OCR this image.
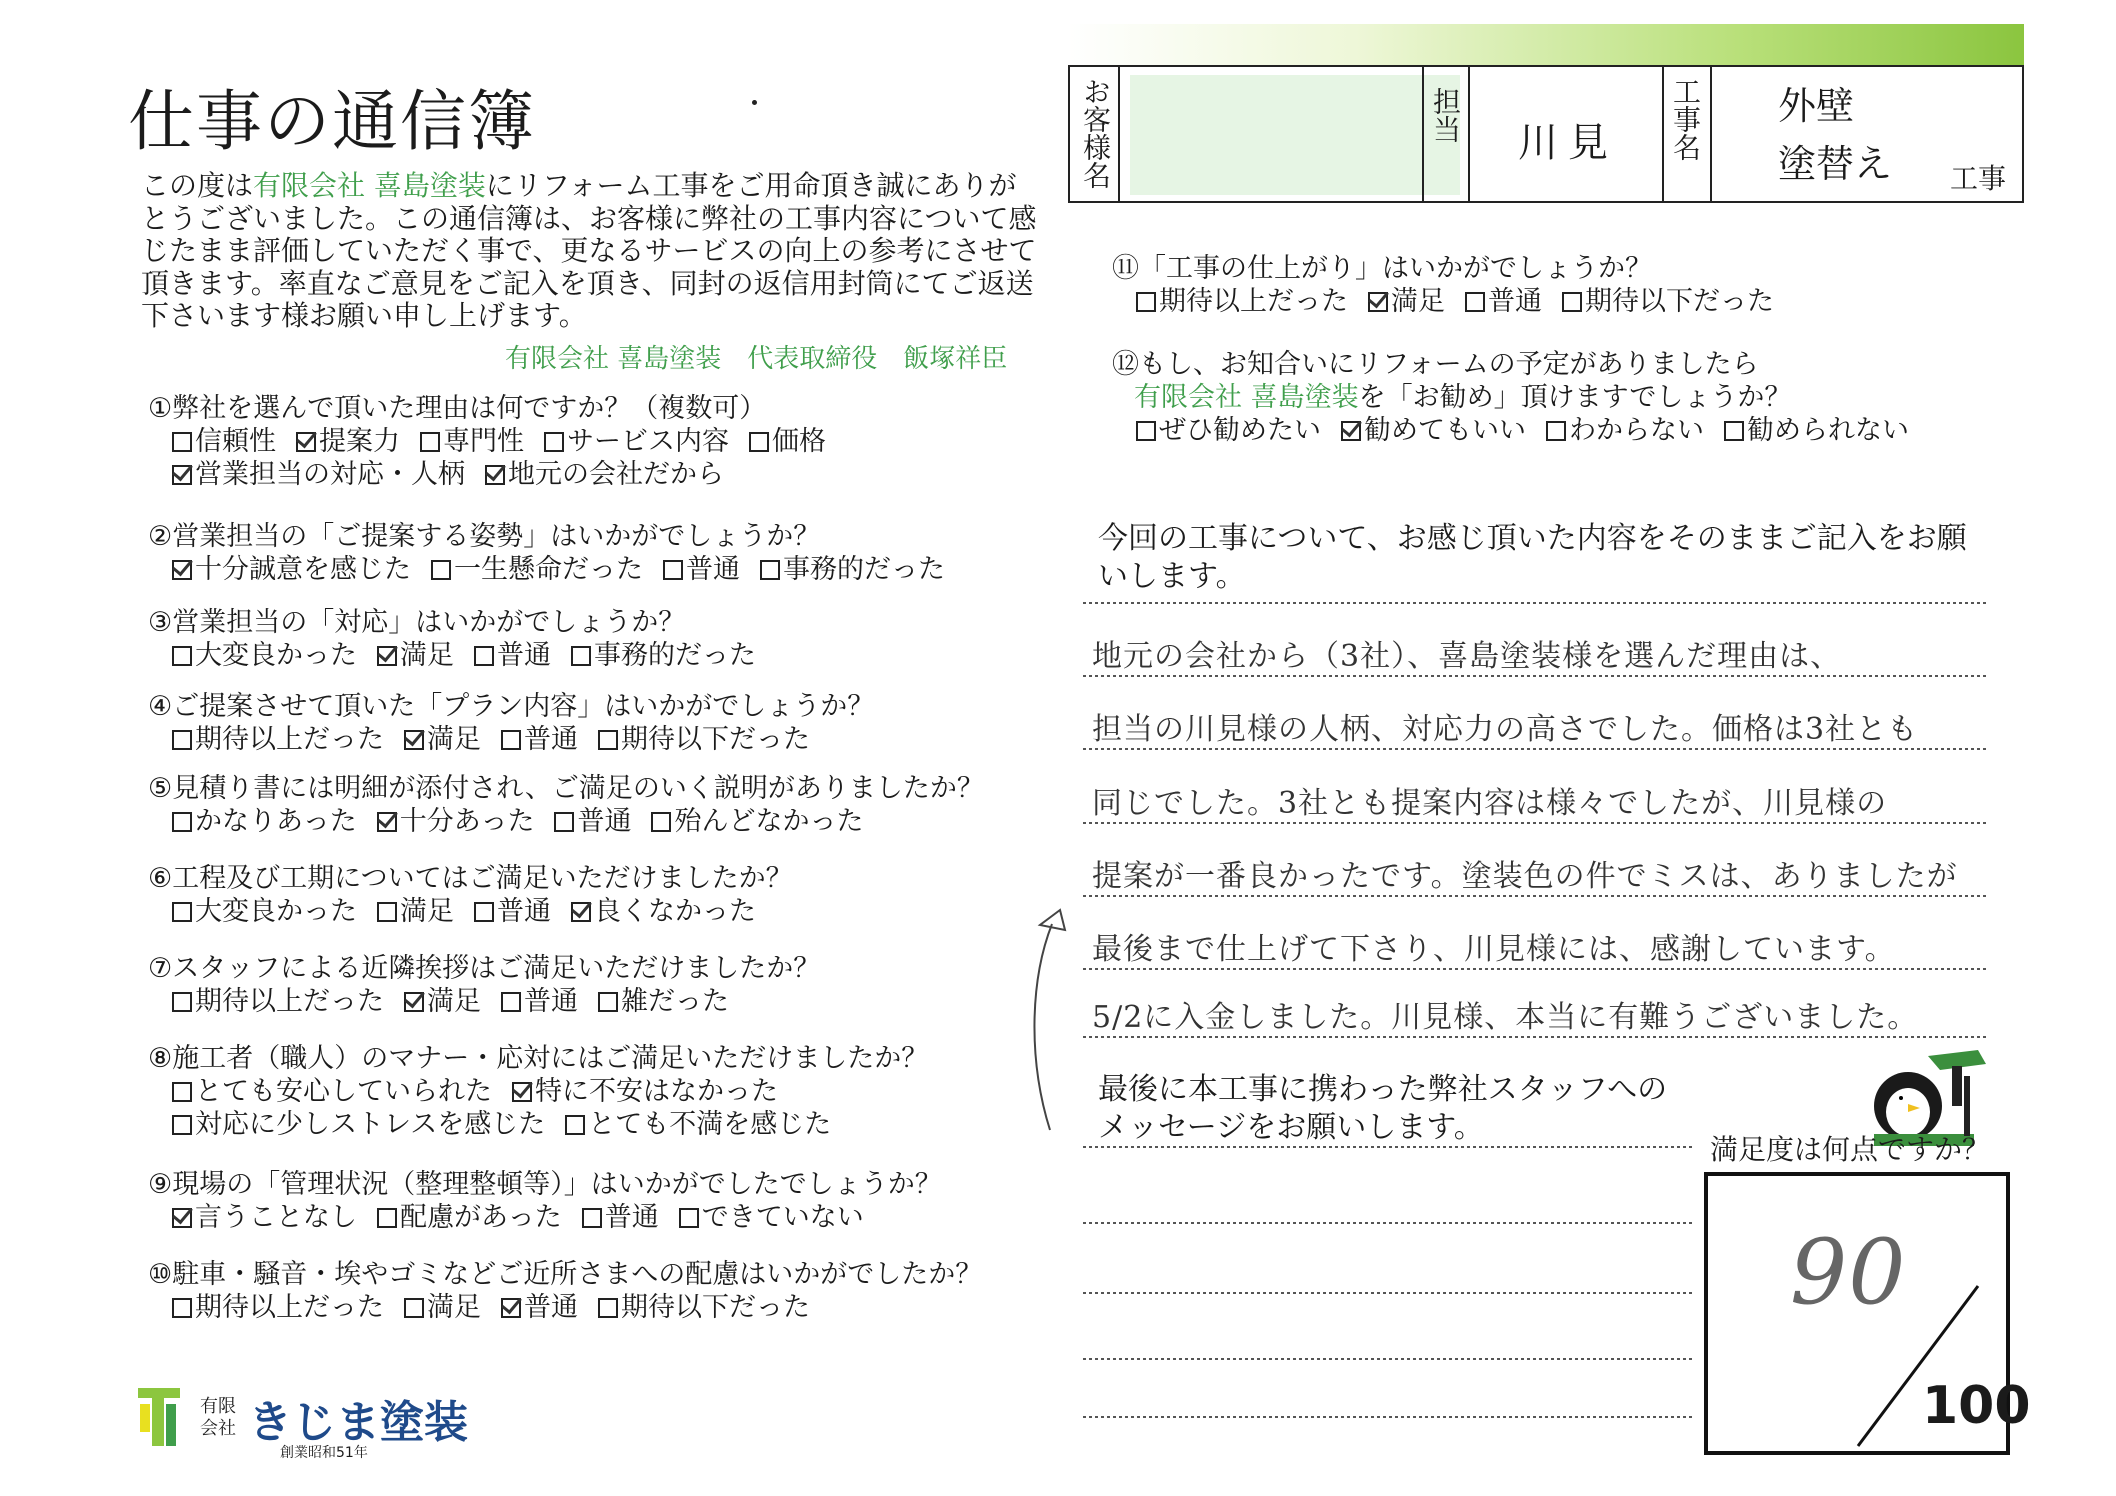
仕事の通信簿
この度は有限会社 喜島塗装にリフォーム工事をご用命頂き誠にありがとうございました。この通信簿は、お客様に弊社の工事内容について感じたまま評価していただく事で、更なるサービスの向上の参考にさせて頂きます。率直なご意見をご記入を頂き、同封の返信用封筒にてご返送下さいます様お願い申し上げます。
有限会社 喜島塗装　代表取締役　飯塚祥臣
①弊社を選んで頂いた理由は何ですか？（複数可）
信頼性 提案力 専門性 サービス内容 価格
営業担当の対応・人柄 地元の会社だから
②営業担当の「ご提案する姿勢」はいかがでしょうか？
十分誠意を感じた 一生懸命だった 普通 事務的だった
③営業担当の「対応」はいかがでしょうか？
大変良かった 満足 普通 事務的だった
④ご提案させて頂いた「プラン内容」はいかがでしょうか？
期待以上だった 満足 普通 期待以下だった
⑤見積り書には明細が添付され、ご満足のいく説明がありましたか？
かなりあった 十分あった 普通 殆んどなかった
⑥工程及び工期についてはご満足いただけましたか？
大変良かった 満足 普通 良くなかった
⑦スタッフによる近隣挨拶はご満足いただけましたか？
期待以上だった 満足 普通 雑だった
⑧施工者（職人）のマナー・応対にはご満足いただけましたか？
とても安心していられた 特に不安はなかった
対応に少しストレスを感じた とても不満を感じた
⑨現場の「管理状況（整理整頓等）」はいかがでしたでしょうか？
言うことなし 配慮があった 普通 できていない
⑩駐車・騒音・埃やゴミなどご近所さまへの配慮はいかがでしたか？
期待以上だった 満足 普通 期待以下だった
お客様名	担当 川見 工事名 外壁
塗替え 工事
⑪「工事の仕上がり」はいかがでしょうか？
期待以上だった 満足 普通 期待以下だった
⑫もし、お知合いにリフォームの予定がありましたら
有限会社 喜島塗装を「お勧め」頂けますでしょうか？
ぜひ勧めたい 勧めてもいい わからない 勧められない
今回の工事について、お感じ頂いた内容をそのままご記入をお願いします。
地元の会社から（3社）、喜島塗装様を選んだ理由は、
担当の川見様の人柄、対応力の高さでした。価格は3社とも
同じでした。3社とも提案内容は様々でしたが、川見様の
提案が一番良かったです。塗装色の件でミスは、ありましたが
最後まで仕上げて下さり、川見様には、感謝しています。
5/2に入金しました。川見様、本当に有難うございました。
最後に本工事に携わった弊社スタッフへの
メッセージをお願いします。
満足度は何点ですか？
90
100
有限
会社 きじま塗装
創業昭和51年
